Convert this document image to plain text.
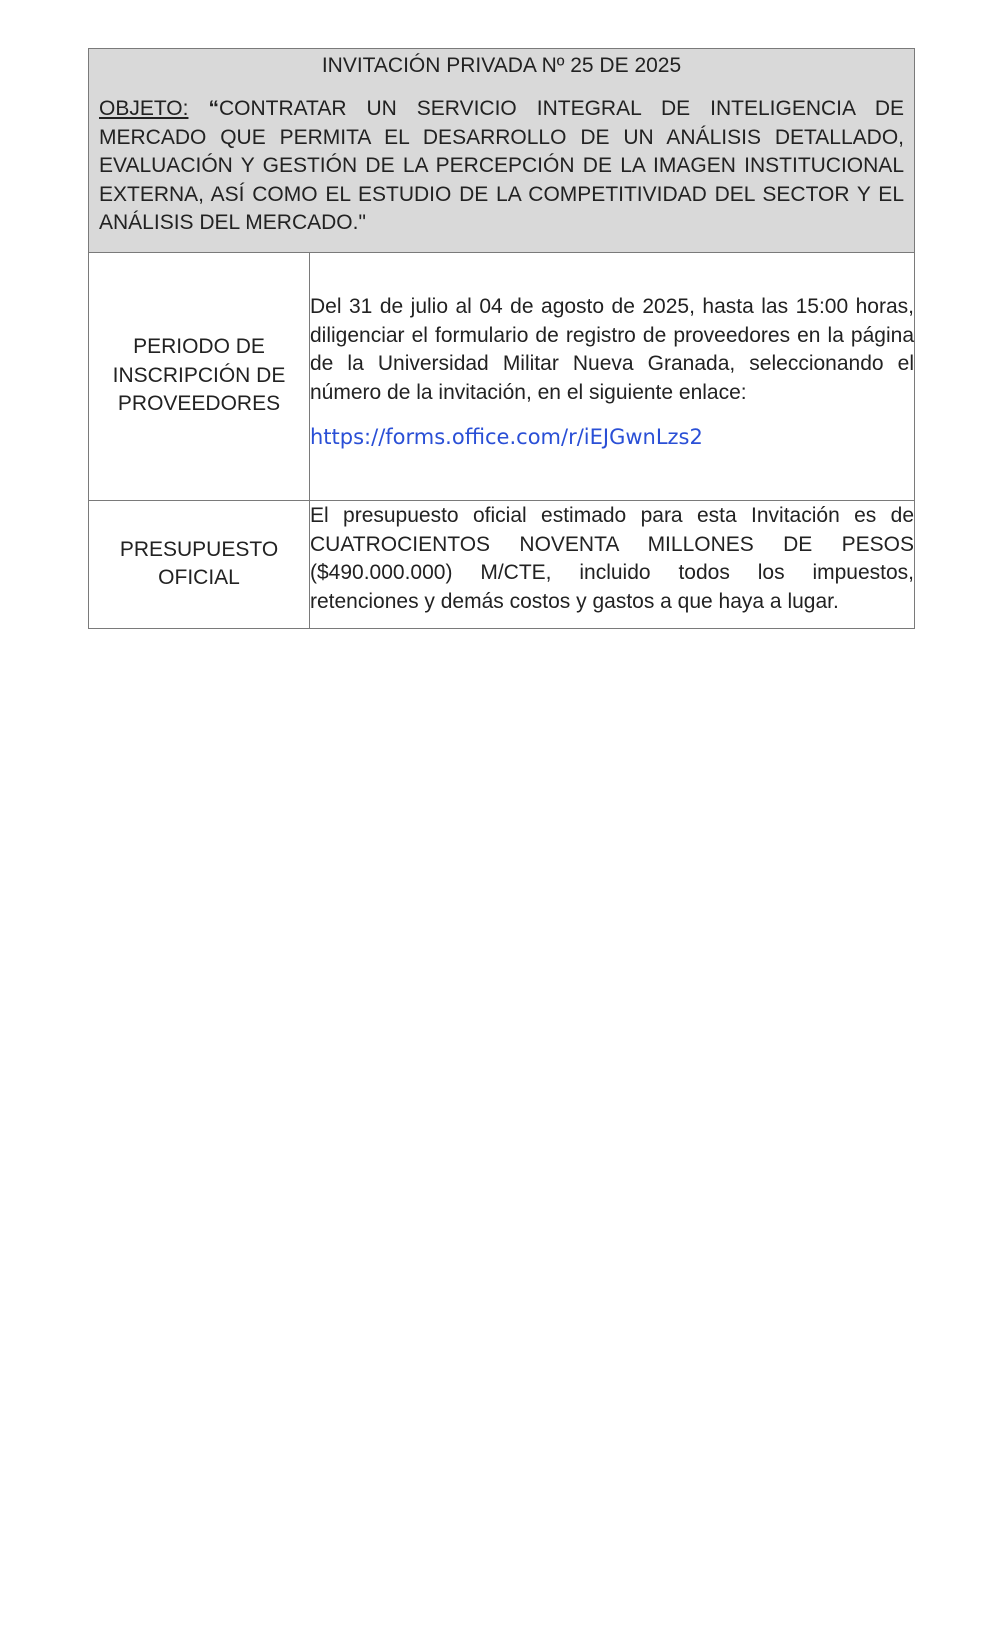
INVITACIÓN PRIVADA Nº 25 DE 2025

OBJETO: “CONTRATAR UN SERVICIO INTEGRAL DE INTELIGENCIA DE MERCADO QUE PERMITA EL DESARROLLO DE UN ANÁLISIS DETALLADO, EVALUACIÓN Y GESTIÓN DE LA PERCEPCIÓN DE LA IMAGEN INSTITUCIONAL EXTERNA, ASÍ COMO EL ESTUDIO DE LA COMPETITIVIDAD DEL SECTOR Y EL ANÁLISIS DEL MERCADO."	

PERIODO DE INSCRIPCIÓN DE PROVEEDORES	Del 31 de julio al 04 de agosto de 2025, hasta las 15:00 horas, diligenciar el formulario de registro de proveedores en la página de la Universidad Militar Nueva Granada, seleccionando el número de la invitación, en el siguiente enlace:

https://forms.office.com/r/iEJGwnLzs2

PRESUPUESTO OFICIAL	El presupuesto oficial estimado para esta Invitación es de CUATROCIENTOS NOVENTA MILLONES DE PESOS ($490.000.000) M/CTE, incluido todos los impuestos, retenciones y demás costos y gastos a que haya a lugar.
